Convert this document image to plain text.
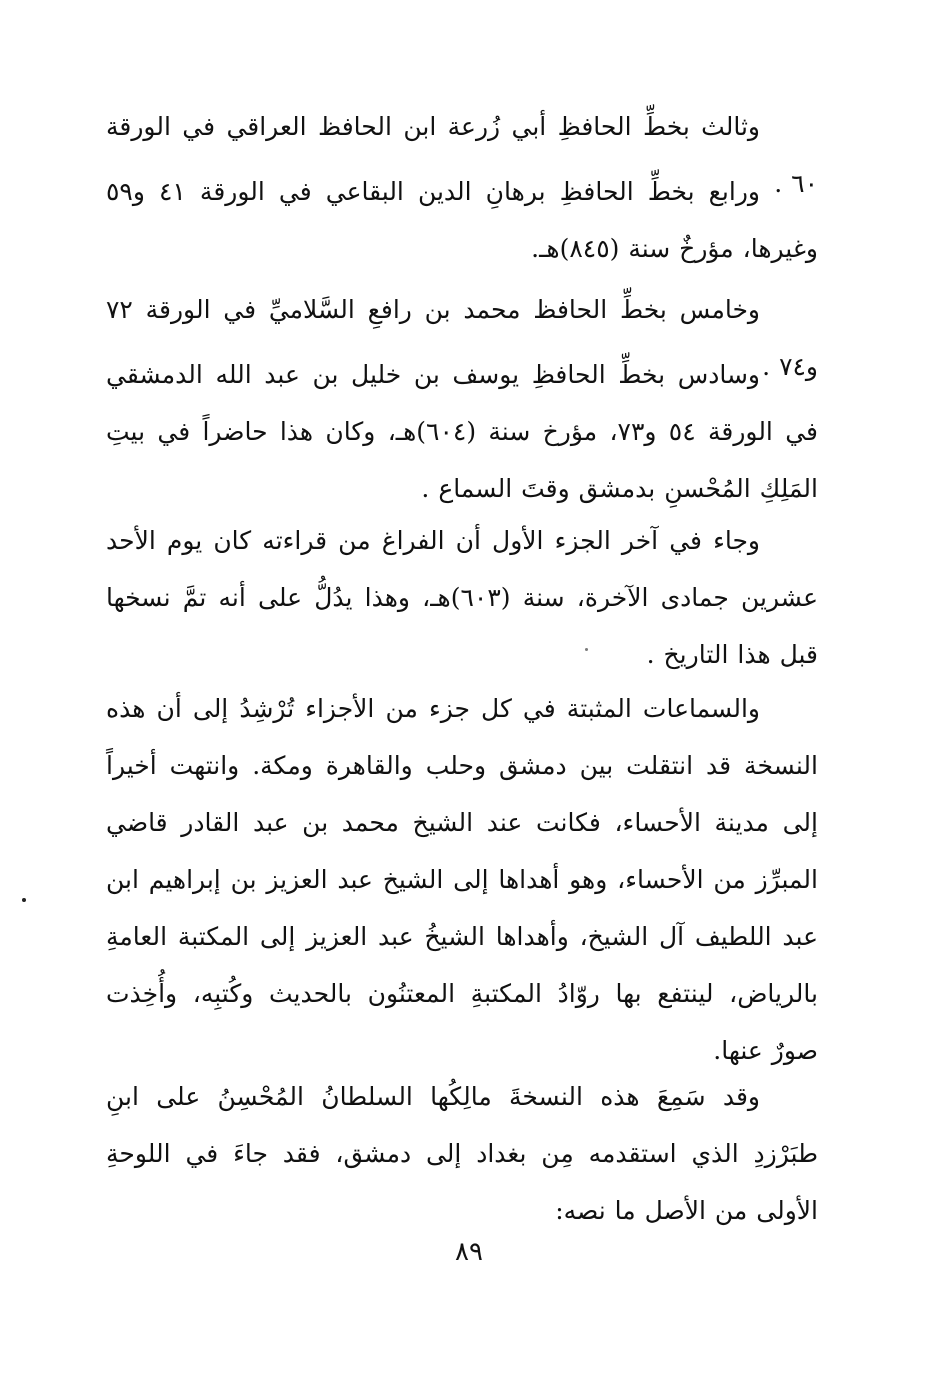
وثالث بخطِّ الحافظِ أبي زُرعة ابن الحافظ العراقي في الورقة ٦٠ .

ورابع بخطِّ الحافظِ برهانِ الدين البقاعي في الورقة ٤١ و٥٩ وغيرها، مؤرخٌ سنة (٨٤٥)هـ.

وخامس بخطِّ الحافظ محمد بن رافعِ السَّلاميِّ في الورقة ٧٢ و٧٤ .

وسادس بخطِّ الحافظِ يوسف بن خليل بن عبد الله الدمشقي في الورقة ٥٤ و٧٣، مؤرخ سنة (٦٠٤)هـ، وكان هذا حاضراً في بيتِ المَلِكِ المُحْسنِ بدمشق وقتَ السماع .

وجاء في آخر الجزء الأول أن الفراغ من قراءته كان يوم الأحد عشرين جمادى الآخرة، سنة (٦٠٣)هـ، وهذا يدُلُّ على أنه تمَّ نسخها قبل هذا التاريخ .

والسماعات المثبتة في كل جزء من الأجزاء تُرْشِدُ إلى أن هذه النسخة قد انتقلت بين دمشق وحلب والقاهرة ومكة. وانتهت أخيراً إلى مدينة الأحساء، فكانت عند الشيخ محمد بن عبد القادر قاضي المبرِّز من الأحساء، وهو أهداها إلى الشيخ عبد العزيز بن إبراهيم ابن عبد اللطيف آل الشيخ، وأهداها الشيخُ عبد العزيز إلى المكتبة العامةِ بالرياض، لينتفع بها روّادُ المكتبةِ المعتنُون بالحديث وكُتبِه، وأُخِذت صورٌ عنها.

وقد سَمِعَ هذه النسخةَ مالِكُها السلطانُ المُحْسِنُ على ابنِ طبَرْزدِ الذي استقدمه مِن بغداد إلى دمشق، فقد جاءَ في اللوحةِ الأولى من الأصل ما نصه:

٨٩
